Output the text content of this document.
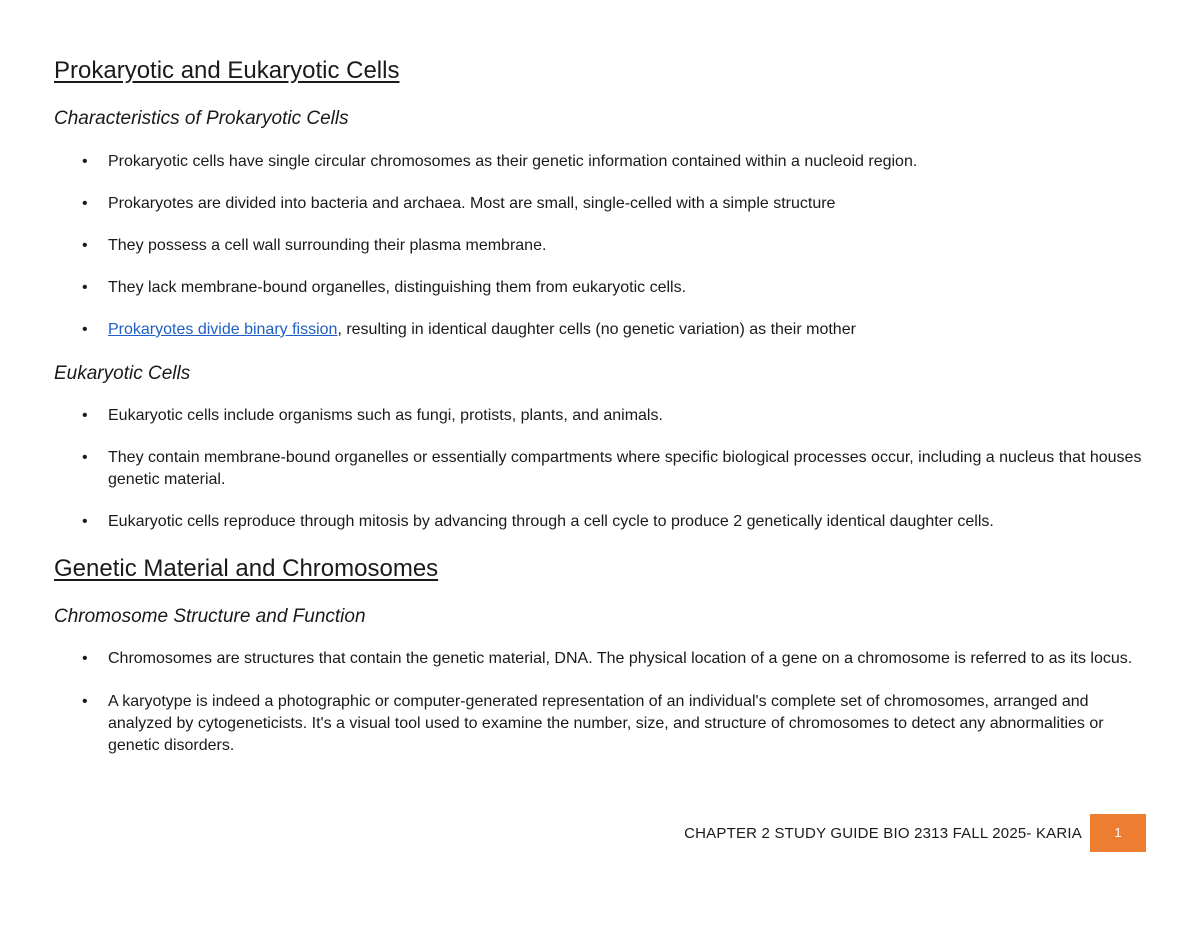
Prokaryotic and Eukaryotic Cells
Characteristics of Prokaryotic Cells
• Prokaryotic cells have single circular chromosomes as their genetic information contained within a nucleoid region.
• Prokaryotes are divided into bacteria and archaea. Most are small, single-celled with a simple structure
• They possess a cell wall surrounding their plasma membrane.
• They lack membrane-bound organelles, distinguishing them from eukaryotic cells.
• Prokaryotes divide binary fission, resulting in identical daughter cells (no genetic variation) as their mother
Eukaryotic Cells
• Eukaryotic cells include organisms such as fungi, protists, plants, and animals.
• They contain membrane-bound organelles or essentially compartments where specific biological processes occur, including a nucleus that houses genetic material.
• Eukaryotic cells reproduce through mitosis by advancing through a cell cycle to produce 2 genetically identical daughter cells.
Genetic Material and Chromosomes
Chromosome Structure and Function
• Chromosomes are structures that contain the genetic material, DNA. The physical location of a gene on a chromosome is referred to as its locus.
• A karyotype is indeed a photographic or computer-generated representation of an individual's complete set of chromosomes, arranged and analyzed by cytogeneticists. It's a visual tool used to examine the number, size, and structure of chromosomes to detect any abnormalities or genetic disorders.
CHAPTER 2 STUDY GUIDE BIO 2313 FALL 2025- KARIA	1
